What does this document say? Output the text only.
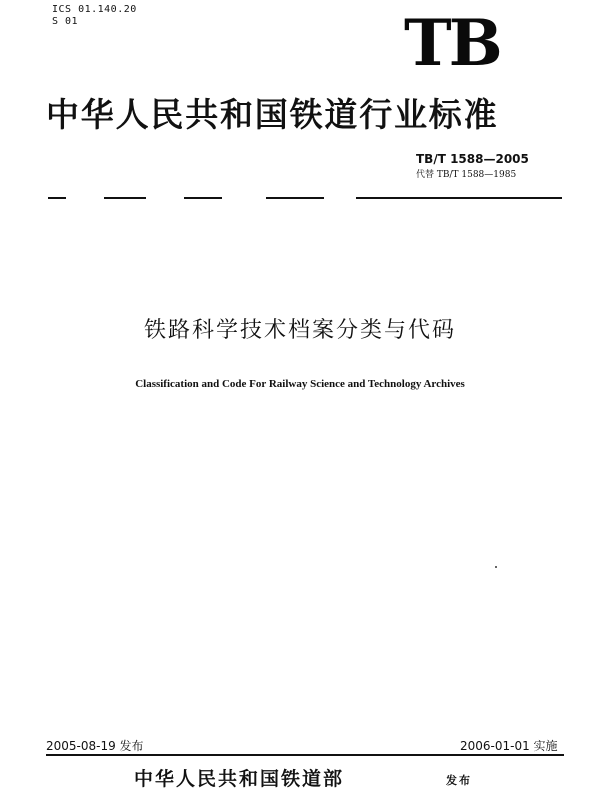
ICS 01.140.20
S 01	TB
中华人民共和国铁道行业标准
TB/T 1588—2005
代替 TB/T 1588—1985
铁路科学技术档案分类与代码
Classification and Code For Railway Science and Technology Archives
2005-08-19 发布	2006-01-01 实施
中华人民共和国铁道部	发布
